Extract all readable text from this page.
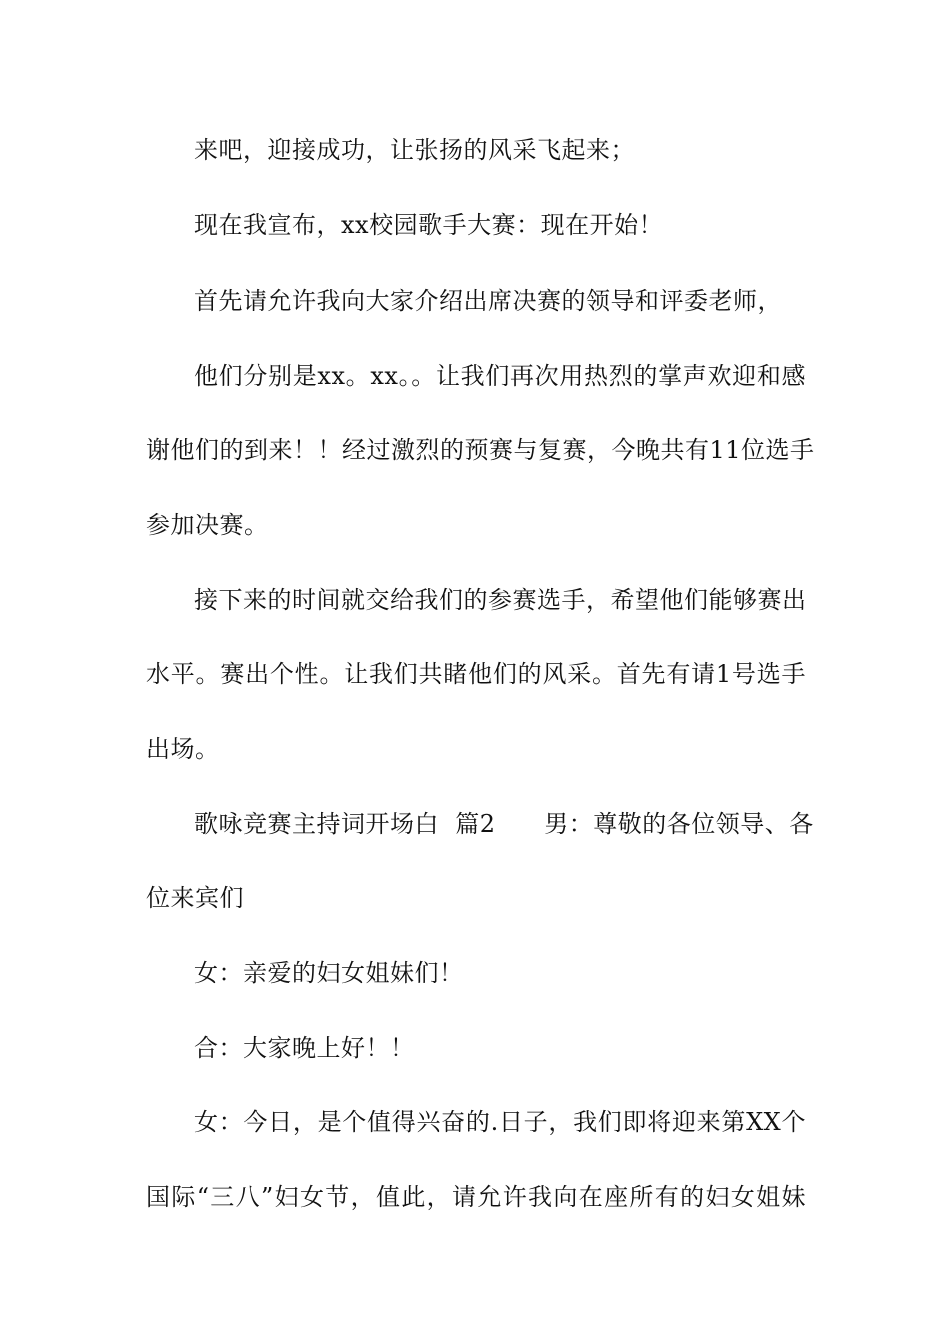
来吧，迎接成功，让张扬的风采飞起来；
现在我宣布，xx校园歌手大赛：现在开始！
首先请允许我向大家介绍出席决赛的领导和评委老师，
他们分别是xx。xx。。让我们再次用热烈的掌声欢迎和感
谢他们的到来！！经过激烈的预赛与复赛，今晚共有11位选手
参加决赛。
接下来的时间就交给我们的参赛选手，希望他们能够赛出
水平。赛出个性。让我们共睹他们的风采。首先有请1号选手
出场。
歌咏竞赛主持词开场白  篇2      男：尊敬的各位领导、各
位来宾们
女：亲爱的妇女姐妹们！
合：大家晚上好！！
女：今日，是个值得兴奋的.日子，我们即将迎来第XX个
国际“三八”妇女节，值此，请允许我向在座所有的妇女姐妹
